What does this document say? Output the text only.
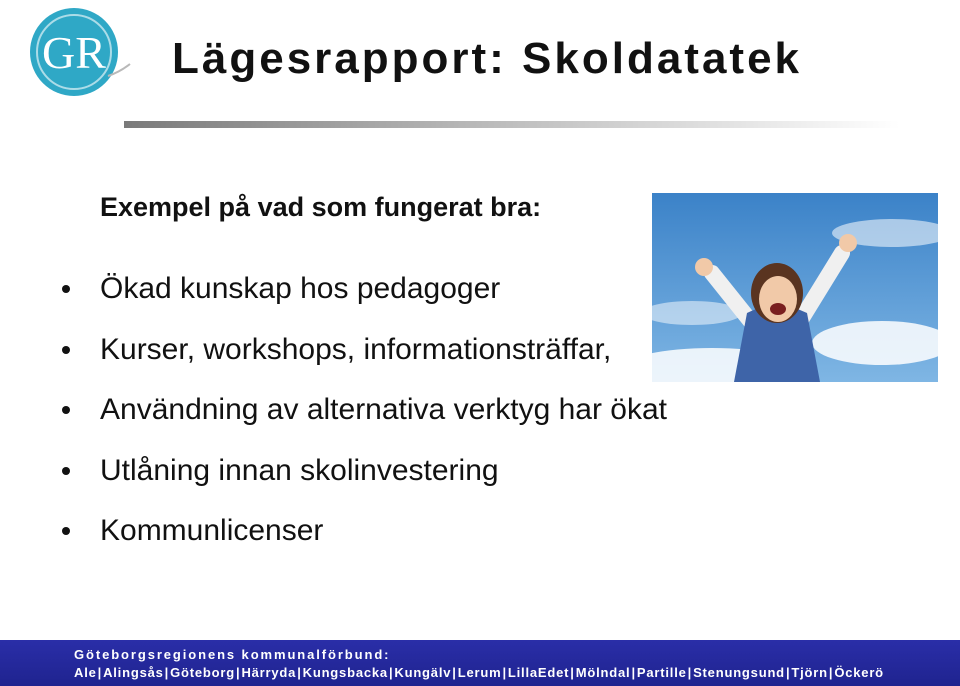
GR Lägesrapport: Skoldatatek
Exempel på vad som fungerat bra:
Ökad kunskap hos pedagoger
Kurser, workshops, informationsträffar,
Användning av alternativa verktyg har ökat
Utlåning innan skolinvestering
Kommunlicenser
Göteborgsregionens kommunalförbund:
Ale|Alingsås|Göteborg|Härryda|Kungsbacka|Kungälv|Lerum|LillaEdet|Mölndal|Partille|Stenungsund|Tjörn|Öckerö
